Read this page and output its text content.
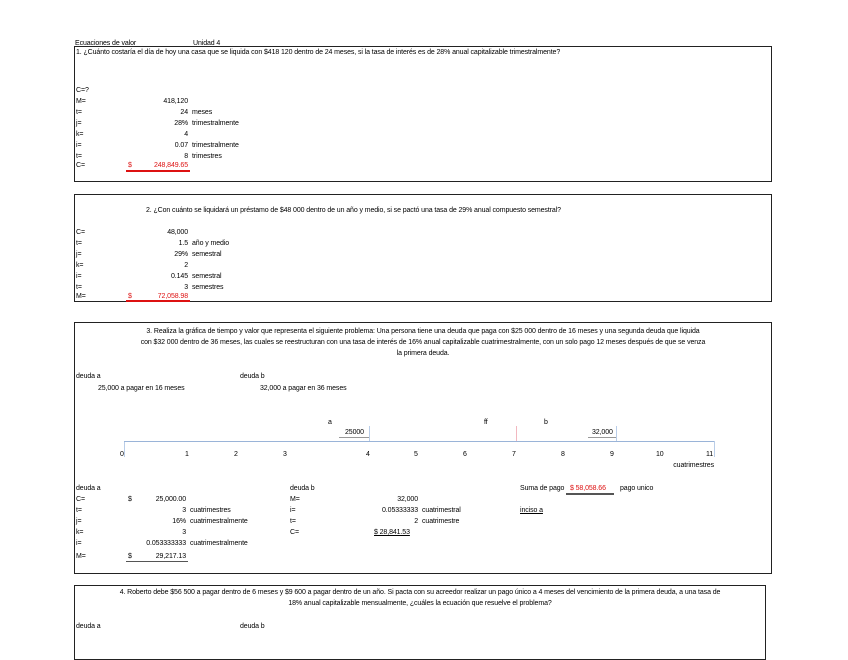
Ecuaciones de valor	Unidad 4
1. ¿Cuánto costaría el día de hoy una casa que se liquida con $418 120 dentro de 24 meses, si la tasa de interés es de 28% anual capitalizable trimestralmente?
C=?
M=	418,120
t=	24 meses
j=	28% trimestralmente
k=	4
i=	0.07 trimestralmente
t=	8 trimestres
C=	$	248,849.65
2. ¿Con cuánto se liquidará un préstamo de $48 000 dentro de un año y medio, si se pactó una tasa de 29% anual compuesto semestral?
C=	48,000
t=	1.5 año y medio
j=	29% semestral
k=	2
i=	0.145 semestral
t=	3 semestres
M=	$	72,058.98
3. Realiza la gráfica de tiempo y valor que representa el siguiente problema: Una persona tiene una deuda que paga con $25 000 dentro de 16 meses y una segunda deuda que liquida
con $32 000 dentro de 36 meses, las cuales se reestructuran con una tasa de interés de 16% anual capitalizable cuatrimestralmente, con un solo pago 12 meses después de que se venza
la primera deuda.
deuda a	deuda b
25,000 a pagar en 16 meses	32,000 a pagar en 36 meses
a	ff	b
25000	32,000
0	1	2	3	4	5	6	7	8	9	10	11
cuatrimestres
deuda a
C=	$	25,000.00
t=	3 cuatrimestres
j=	16% cuatrimestralmente
k=	3
i=	0.053333333 cuatrimestralmente
M=	$	29,217.13
deuda b
M=	32,000
i=	0.05333333 cuatrimestral
t=	2 cuatrimestre
C=	$ 28,841.53
Suma de pago $ 58,058.66 pago unico
inciso a
4. Roberto debe $56 500 a pagar dentro de 6 meses y $9 600 a pagar dentro de un año. Si pacta con su acreedor realizar un pago único a 4 meses del vencimiento de la primera deuda, a una tasa de
18% anual capitalizable mensualmente, ¿cuáles la ecuación que resuelve el problema?
deuda a	deuda b
